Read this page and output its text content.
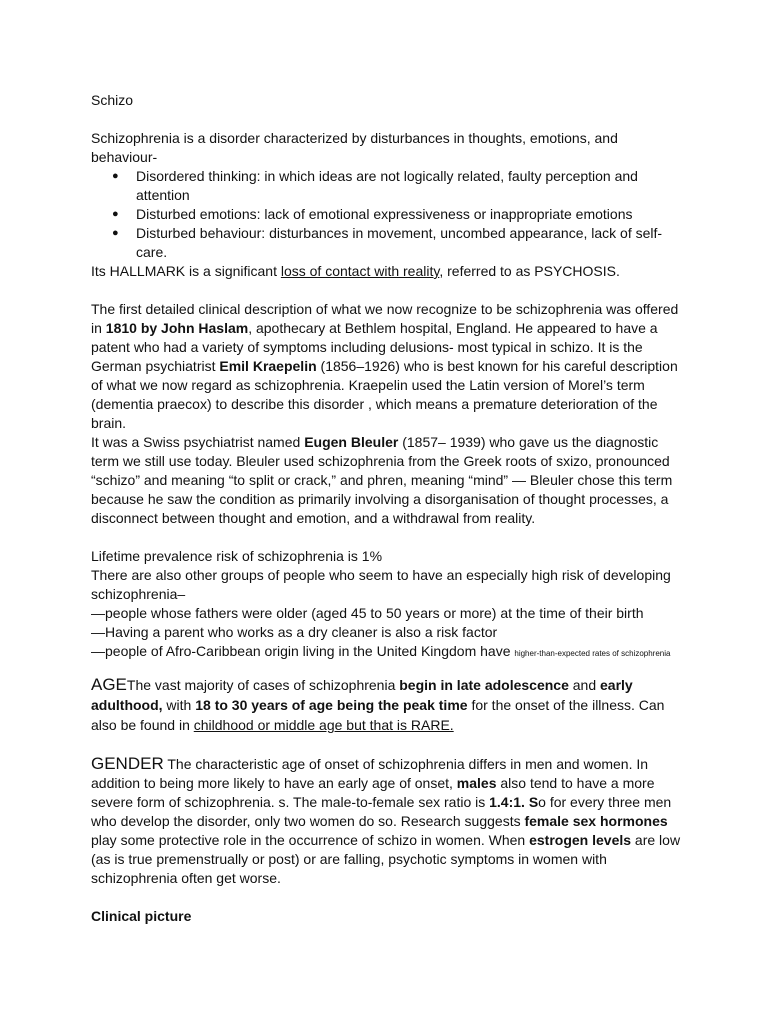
Schizo

Schizophrenia is a disorder characterized by disturbances in thoughts, emotions, and behaviour-

● Disordered thinking: in which ideas are not logically related, faulty perception and attention
● Disturbed emotions: lack of emotional expressiveness or inappropriate emotions
● Disturbed behaviour: disturbances in movement, uncombed appearance, lack of self-care.

Its HALLMARK is a significant loss of contact with reality, referred to as PSYCHOSIS.

The first detailed clinical description of what we now recognize to be schizophrenia was offered in 1810 by John Haslam, apothecary at Bethlem hospital, England. He appeared to have a patent who had a variety of symptoms including delusions- most typical in schizo. It is the German psychiatrist Emil Kraepelin (1856–1926) who is best known for his careful description of what we now regard as schizophrenia. Kraepelin used the Latin version of Morel’s term (dementia praecox) to describe this disorder , which means a premature deterioration of the brain.

It was a Swiss psychiatrist named Eugen Bleuler (1857– 1939) who gave us the diagnostic term we still use today. Bleuler used schizophrenia from the Greek roots of sxizo, pronounced “schizo” and meaning “to split or crack,” and phren, meaning “mind” — Bleuler chose this term because he saw the condition as primarily involving a disorganisation of thought processes, a disconnect between thought and emotion, and a withdrawal from reality.

Lifetime prevalence risk of schizophrenia is 1%

There are also other groups of people who seem to have an especially high risk of developing schizophrenia–

—people whose fathers were older (aged 45 to 50 years or more) at the time of their birth

—Having a parent who works as a dry cleaner is also a risk factor

—people of Afro-Caribbean origin living in the United Kingdom have higher-than-expected rates of schizophrenia

AGEThe vast majority of cases of schizophrenia begin in late adolescence and early adulthood, with 18 to 30 years of age being the peak time for the onset of the illness. Can also be found in childhood or middle age but that is RARE.

GENDER The characteristic age of onset of schizophrenia differs in men and women. In addition to being more likely to have an early age of onset, males also tend to have a more severe form of schizophrenia. s. The male-to-female sex ratio is 1.4:1. So for every three men who develop the disorder, only two women do so. Research suggests female sex hormones play some protective role in the occurrence of schizo in women. When estrogen levels are low (as is true premenstrually or post) or are falling, psychotic symptoms in women with schizophrenia often get worse.

Clinical picture
